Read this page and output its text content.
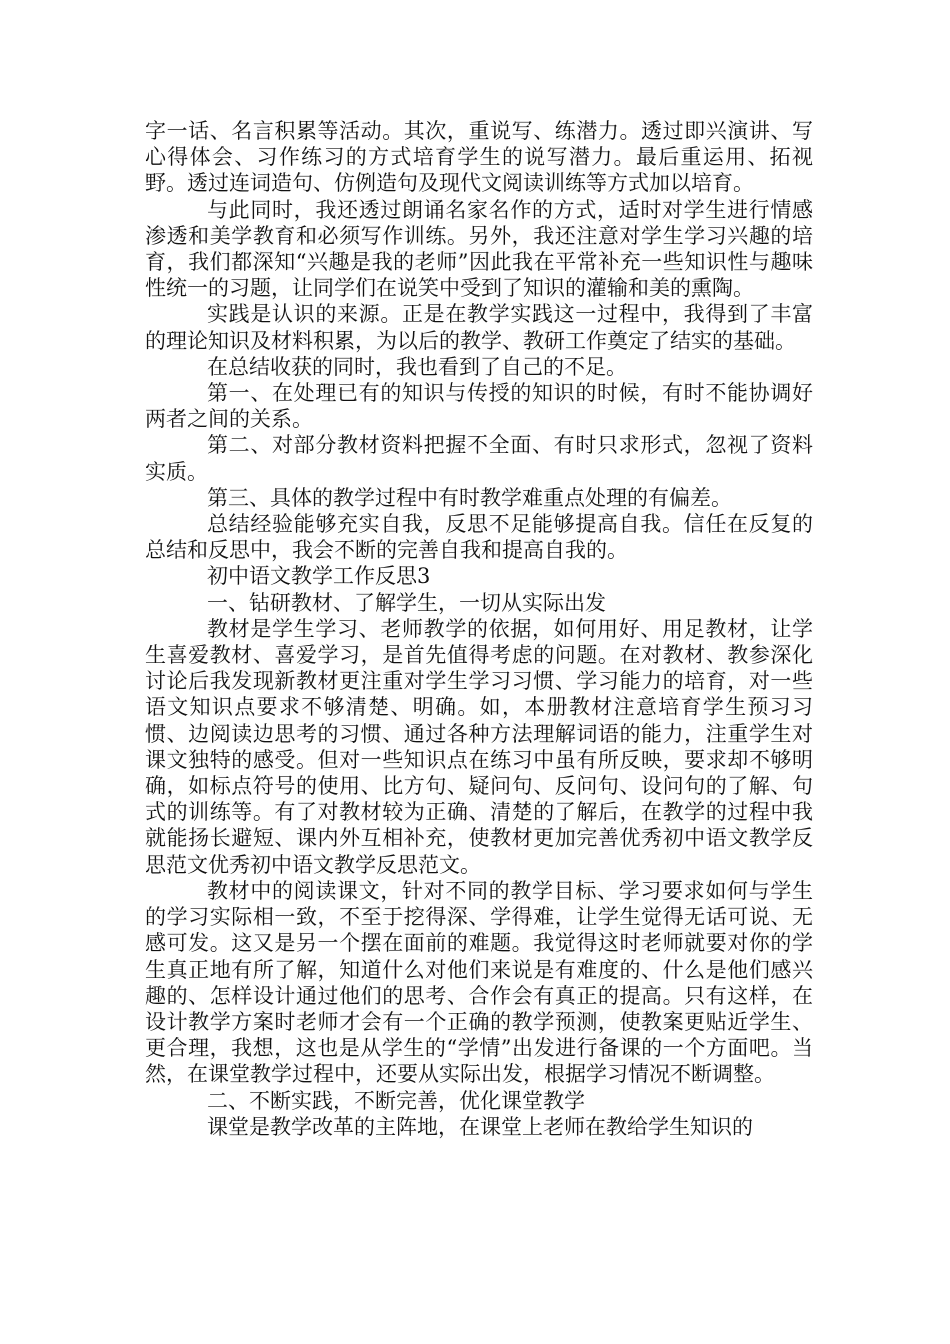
字一话、名言积累等活动。其次，重说写、练潜力。透过即兴演讲、写心得体会、习作练习的方式培育学生的说写潜力。最后重运用、拓视野。透过连词造句、仿例造句及现代文阅读训练等方式加以培育。

与此同时，我还透过朗诵名家名作的方式，适时对学生进行情感渗透和美学教育和必须写作训练。另外，我还注意对学生学习兴趣的培育，我们都深知“兴趣是我的老师”因此我在平常补充一些知识性与趣味性统一的习题，让同学们在说笑中受到了知识的灌输和美的熏陶。

实践是认识的来源。正是在教学实践这一过程中，我得到了丰富的理论知识及材料积累，为以后的教学、教研工作奠定了结实的基础。

在总结收获的同时，我也看到了自己的不足。

第一、在处理已有的知识与传授的知识的时候，有时不能协调好两者之间的关系。

第二、对部分教材资料把握不全面、有时只求形式，忽视了资料实质。

第三、具体的教学过程中有时教学难重点处理的有偏差。

总结经验能够充实自我，反思不足能够提高自我。信任在反复的总结和反思中，我会不断的完善自我和提高自我的。

初中语文教学工作反思3

一、钻研教材、了解学生，一切从实际出发

教材是学生学习、老师教学的依据，如何用好、用足教材，让学生喜爱教材、喜爱学习，是首先值得考虑的问题。在对教材、教参深化讨论后我发现新教材更注重对学生学习习惯、学习能力的培育，对一些语文知识点要求不够清楚、明确。如，本册教材注意培育学生预习习惯、边阅读边思考的习惯、通过各种方法理解词语的能力，注重学生对课文独特的感受。但对一些知识点在练习中虽有所反映，要求却不够明确，如标点符号的使用、比方句、疑问句、反问句、设问句的了解、句式的训练等。有了对教材较为正确、清楚的了解后，在教学的过程中我就能扬长避短、课内外互相补充，使教材更加完善优秀初中语文教学反思范文优秀初中语文教学反思范文。

教材中的阅读课文，针对不同的教学目标、学习要求如何与学生的学习实际相一致，不至于挖得深、学得难，让学生觉得无话可说、无感可发。这又是另一个摆在面前的难题。我觉得这时老师就要对你的学生真正地有所了解，知道什么对他们来说是有难度的、什么是他们感兴趣的、怎样设计通过他们的思考、合作会有真正的提高。只有这样，在设计教学方案时老师才会有一个正确的教学预测，使教案更贴近学生、更合理，我想，这也是从学生的“学情”出发进行备课的一个方面吧。当然，在课堂教学过程中，还要从实际出发，根据学习情况不断调整。

二、不断实践，不断完善，优化课堂教学

课堂是教学改革的主阵地，在课堂上老师在教给学生知识的
